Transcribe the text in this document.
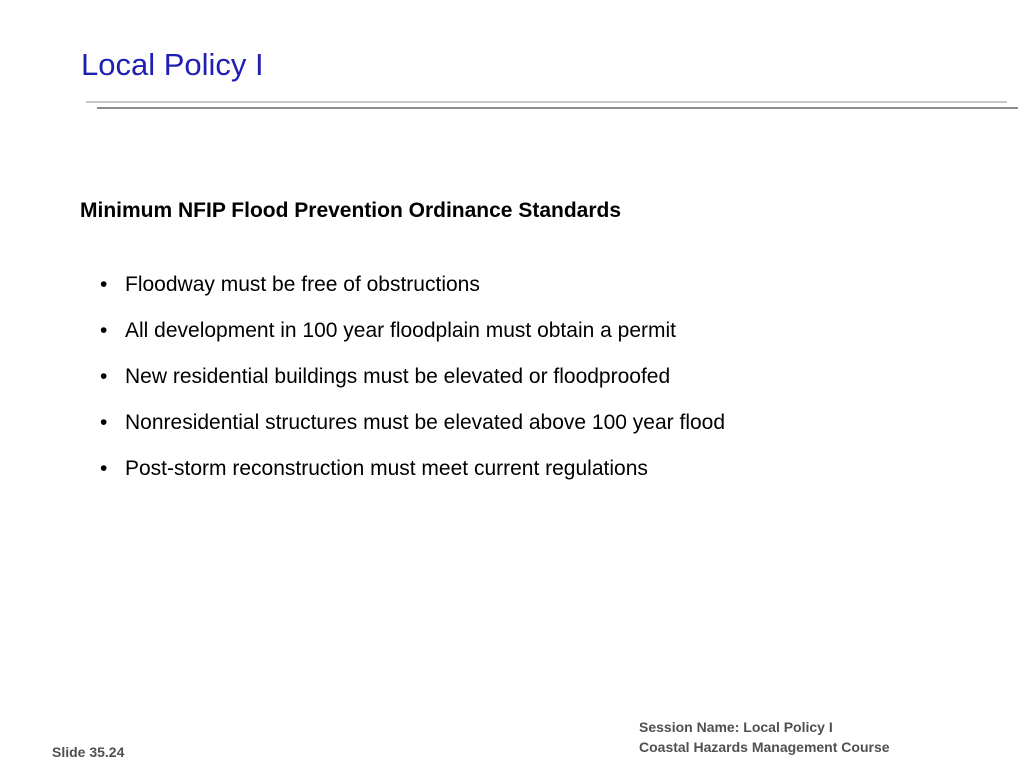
Local Policy I
Minimum NFIP Flood Prevention Ordinance Standards
• Floodway must be free of obstructions
• All development in 100 year floodplain must obtain a permit
• New residential buildings must be elevated or floodproofed
• Nonresidential structures must be elevated above 100 year flood
• Post-storm reconstruction must meet current regulations
Slide 35.24
Session Name: Local Policy I
Coastal Hazards Management Course
